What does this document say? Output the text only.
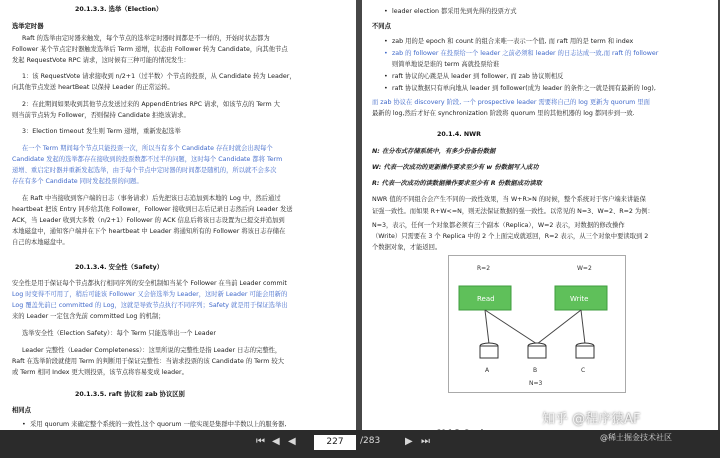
20.1.3.3. 选举（Election）
选举定时器
Raft 的选举由定时器来触发，每个节点的选举定时器时间都是不一样的，开始时状态都为
Follower 某个节点定时器触发选举后 Term 递增，状态由 Follower 转为 Candidate，向其他节点
发起 RequestVote RPC 请求，这时候有三种可能的情况发生：
1：该 RequestVote 请求接收到 n/2+1（过半数）个节点的投票，从 Candidate 转为 Leader，
向其他节点发送 heartBeat 以保持 Leader 的正常运转。
2：在此期间如果收到其他节点发送过来的 AppendEntries RPC 请求，如该节点的 Term 大
则当前节点转为 Follower，否则保持 Candidate 拒绝该请求。
3：Election timeout 发生则 Term 递增，重新发起选举
在一个 Term 期间每个节点只能投票一次，所以当有多个 Candidate 存在时就会出现每个
Candidate 发起的选举都存在接收到的投票数都不过半的问题，这时每个 Candidate 都将 Term
递增、重启定时器并重新发起选举，由于每个节点中定时器的时间都是随机的，所以就不会多次
存在有多个 Candidate 同时发起投票的问题。
在 Raft 中当接收到客户端的日志（事务请求）后先把该日志追加到本地的 Log 中，然后通过
heartbeat 把该 Entry 同步给其他 Follower，Follower 接收到日志后记录日志然后向 Leader 发送
ACK，当 Leader 收到大多数（n/2+1）Follower 的 ACK 信息后将该日志设置为已提交并追加到
本地磁盘中，通知客户端并在下个 heartbeat 中 Leader 将通知所有的 Follower 将该日志存储在
自己的本地磁盘中。
20.1.3.4. 安全性（Safety）
安全性是用于保证每个节点都执行相同序列的安全机制如当某个 Follower 在当前 Leader commit
Log 时变得不可用了，稍后可能该 Follower 又会倍选举为 Leader，这时新 Leader 可能会用新的
Log 覆盖先前已 committed 的 Log，这就是导致节点执行不同序列；Safety 就是用于保证选举出
来的 Leader 一定包含先前 committed Log 的机制；
选举安全性（Election Safety）：每个 Term 只能选举出一个 Leader
Leader 完整性（Leader Completeness）：这里所说的完整性是指 Leader 日志的完整性，
Raft 在选举阶段就使用 Term 的判断用于保证完整性：当请求投票的该 Candidate 的 Term 较大
或 Term 相同 Index 更大则投票，该节点将容易变成 leader。
20.1.3.5. raft 协议和 zab 协议区别
相同点
• 采用 quorum 来确定整个系统的一致性,这个 quorum 一般实现是集群中半数以上的服务器,
• leader election 都采用先到先得的投票方式
不同点
• zab 用的是 epoch 和 count 的组合来唯一表示一个值, 而 raft 用的是 term 和 index
• zab 的 follower 在投票给一个 leader 之前必须和 leader 的日志达成一致,而 raft 的 follower
则简单地说是谁的 term 高就投票给谁
• raft 协议的心跳是从 leader 到 follower, 而 zab 协议则相反
• raft 协议数据只有单向地从 leader 到 follower(成为 leader 的条件之一就是拥有最新的 log),
而 zab 协议在 discovery 阶段, 一个 prospective leader 需要将自己的 log 更新为 quorum 里面
最新的 log,然后才好在 synchronization 阶段将 quorum 里的其他机器的 log 都同步到一致.
20.1.4. NWR
N: 在分布式存储系统中，有多少份备份数据
W: 代表一次成功的更新操作要求至少有 w 份数据写入成功
R: 代表一次成功的读数据操作要求至少有 R 份数据成功读取
NWR 值的不同组合会产生不同的一致性效果，当 W+R>N 的时候，整个系统对于客户端来讲能保
证强一致性。而如果 R+W<=N，则无法保证数据的强一致性。以常见的 N=3、W=2、R=2 为例：
N=3，表示，任何一个对象都必须有三个副本（Replica），W=2 表示，对数据的修改操作
（Write）只需要在 3 个 Replica 中的 2 个上面完成就返回，R=2 表示，从三个对象中要读取到 2
个数据对象，才能返回。
R=2	W=2
Read	Write
A	B	C
N=3
⏮ ◀ ◀	227	/283 ▶ ⏭
知乎 @程序猿AF
@稀土掘金技术社区
